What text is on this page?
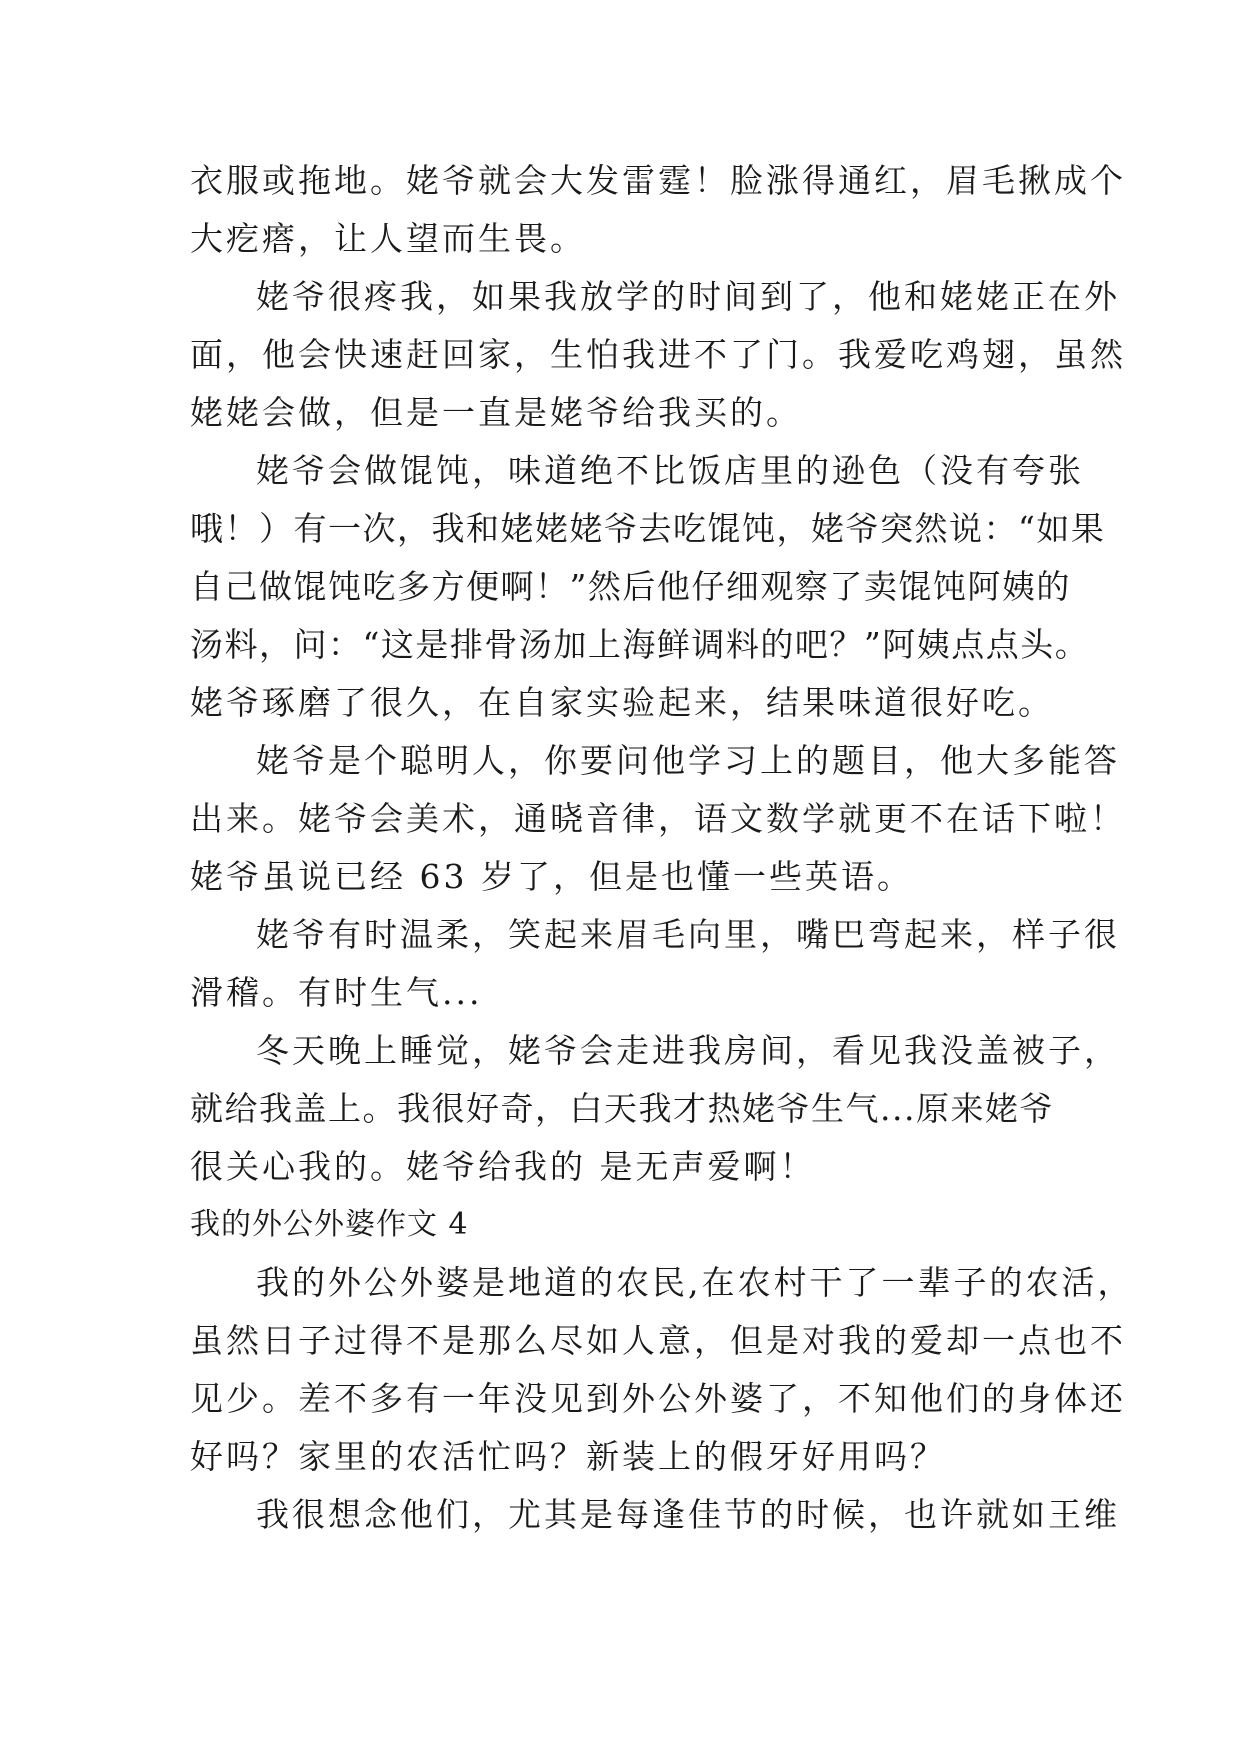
衣服或拖地。姥爷就会大发雷霆！脸涨得通红，眉毛揪成个
大疙瘩，让人望而生畏。
姥爷很疼我，如果我放学的时间到了，他和姥姥正在外
面，他会快速赶回家，生怕我进不了门。我爱吃鸡翅，虽然
姥姥会做，但是一直是姥爷给我买的。
姥爷会做馄饨，味道绝不比饭店里的逊色（没有夸张
哦！）有一次，我和姥姥姥爷去吃馄饨，姥爷突然说：“如果
自己做馄饨吃多方便啊！”然后他仔细观察了卖馄饨阿姨的
汤料，问：“这是排骨汤加上海鲜调料的吧？”阿姨点点头。
姥爷琢磨了很久，在自家实验起来，结果味道很好吃。
姥爷是个聪明人，你要问他学习上的题目，他大多能答
出来。姥爷会美术，通晓音律，语文数学就更不在话下啦！
姥爷虽说已经 63 岁了，但是也懂一些英语。
姥爷有时温柔，笑起来眉毛向里，嘴巴弯起来，样子很
滑稽。有时生气...
冬天晚上睡觉，姥爷会走进我房间，看见我没盖被子，
就给我盖上。我很好奇，白天我才热姥爷生气...原来姥爷
很关心我的。姥爷给我的 是无声爱啊！
我的外公外婆作文 4
我的外公外婆是地道的农民,在农村干了一辈子的农活，
虽然日子过得不是那么尽如人意，但是对我的爱却一点也不
见少。差不多有一年没见到外公外婆了，不知他们的身体还
好吗？家里的农活忙吗？新装上的假牙好用吗？
我很想念他们，尤其是每逢佳节的时候，也许就如王维
